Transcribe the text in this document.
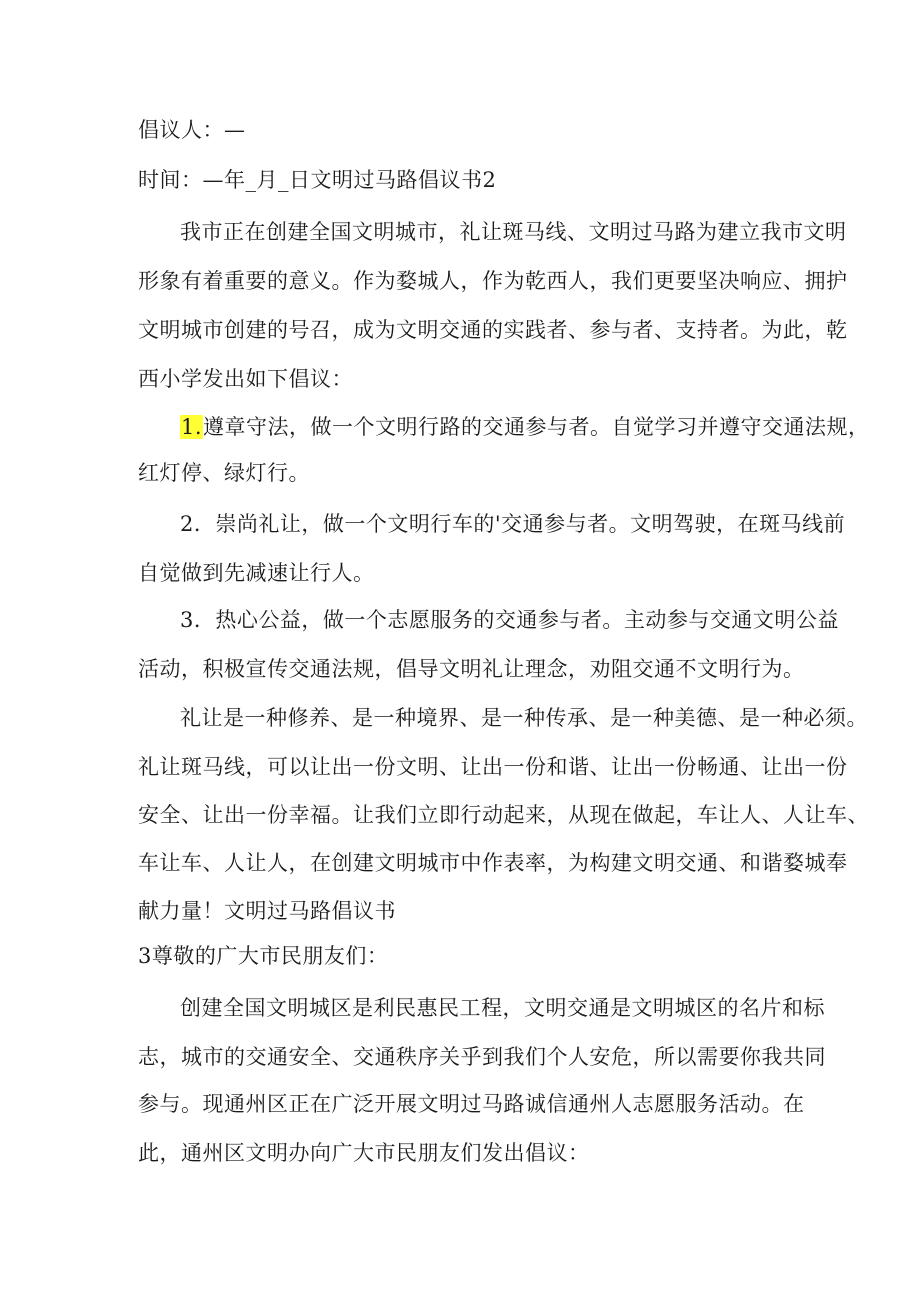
倡议人：—
时间：—年_月_日文明过马路倡议书2
我市正在创建全国文明城市，礼让斑马线、文明过马路为建立我市文明
形象有着重要的意义。作为婺城人，作为乾西人，我们更要坚决响应、拥护
文明城市创建的号召，成为文明交通的实践者、参与者、支持者。为此，乾
西小学发出如下倡议：
1.遵章守法，做一个文明行路的交通参与者。自觉学习并遵守交通法规，
红灯停、绿灯行。
2．崇尚礼让，做一个文明行车的'交通参与者。文明驾驶，在斑马线前
自觉做到先减速让行人。
3．热心公益，做一个志愿服务的交通参与者。主动参与交通文明公益
活动，积极宣传交通法规，倡导文明礼让理念，劝阻交通不文明行为。
礼让是一种修养、是一种境界、是一种传承、是一种美德、是一种必须。
礼让斑马线，可以让出一份文明、让出一份和谐、让出一份畅通、让出一份
安全、让出一份幸福。让我们立即行动起来，从现在做起，车让人、人让车、
车让车、人让人，在创建文明城市中作表率，为构建文明交通、和谐婺城奉
献力量！文明过马路倡议书
3尊敬的广大市民朋友们：
创建全国文明城区是利民惠民工程，文明交通是文明城区的名片和标
志，城市的交通安全、交通秩序关乎到我们个人安危，所以需要你我共同
参与。现通州区正在广泛开展文明过马路诚信通州人志愿服务活动。在
此，通州区文明办向广大市民朋友们发出倡议：
